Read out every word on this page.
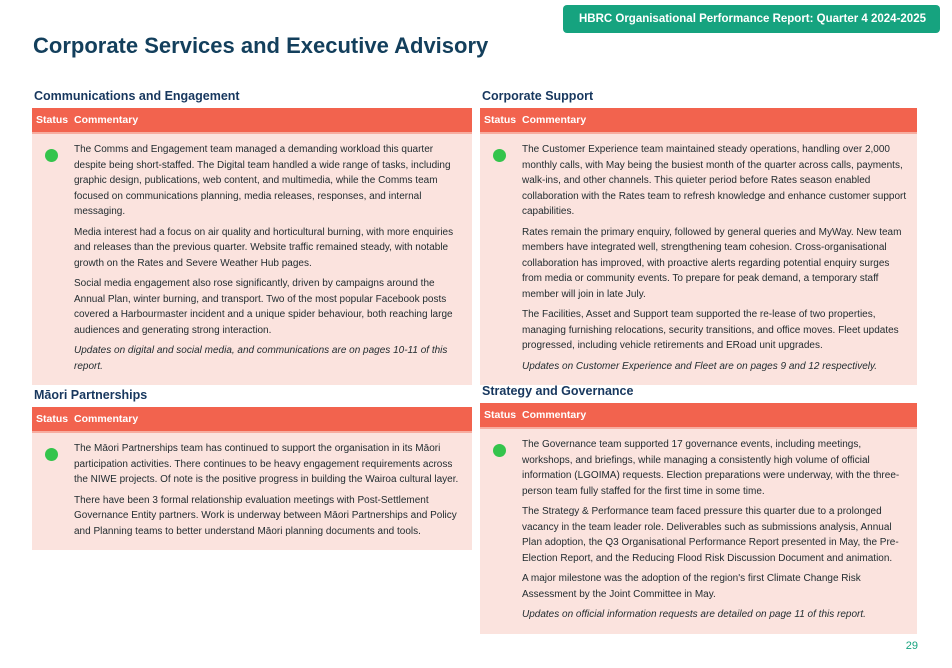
HBRC Organisational Performance Report: Quarter 4 2024-2025
Corporate Services and Executive Advisory
Communications and Engagement
Status Commentary

The Comms and Engagement team managed a demanding workload this quarter despite being short-staffed. The Digital team handled a wide range of tasks, including graphic design, publications, web content, and multimedia, while the Comms team focused on communications planning, media releases, responses, and internal messaging.

Media interest had a focus on air quality and horticultural burning, with more enquiries and releases than the previous quarter. Website traffic remained steady, with notable growth on the Rates and Severe Weather Hub pages.

Social media engagement also rose significantly, driven by campaigns around the Annual Plan, winter burning, and transport. Two of the most popular Facebook posts covered a Harbourmaster incident and a unique spider behaviour, both reaching large audiences and generating strong interaction.

Updates on digital and social media, and communications are on pages 10-11 of this report.

Corporate Support
Status Commentary

The Customer Experience team maintained steady operations, handling over 2,000 monthly calls, with May being the busiest month of the quarter across calls, payments, walk-ins, and other channels. This quieter period before Rates season enabled collaboration with the Rates team to refresh knowledge and enhance customer support capabilities.

Rates remain the primary enquiry, followed by general queries and MyWay. New team members have integrated well, strengthening team cohesion. Cross-organisational collaboration has improved, with proactive alerts regarding potential enquiry surges from media or community events. To prepare for peak demand, a temporary staff member will join in late July.

The Facilities, Asset and Support team supported the re-lease of two properties, managing furnishing relocations, security transitions, and office moves. Fleet updates progressed, including vehicle retirements and ERoad unit upgrades.

Updates on Customer Experience and Fleet are on pages 9 and 12 respectively.

Māori Partnerships
Status Commentary

The Māori Partnerships team has continued to support the organisation in its Māori participation activities. There continues to be heavy engagement requirements across the NIWE projects. Of note is the positive progress in building the Wairoa cultural layer.

There have been 3 formal relationship evaluation meetings with Post-Settlement Governance Entity partners. Work is underway between Māori Partnerships and Policy and Planning teams to better understand Māori planning documents and tools.

Strategy and Governance
Status Commentary

The Governance team supported 17 governance events, including meetings, workshops, and briefings, while managing a consistently high volume of official information (LGOIMA) requests. Election preparations were underway, with the three-person team fully staffed for the first time in some time.

The Strategy & Performance team faced pressure this quarter due to a prolonged vacancy in the team leader role. Deliverables such as submissions analysis, Annual Plan adoption, the Q3 Organisational Performance Report presented in May, the Pre-Election Report, and the Reducing Flood Risk Discussion Document and animation.

A major milestone was the adoption of the region's first Climate Change Risk Assessment by the Joint Committee in May.

Updates on official information requests are detailed on page 11 of this report.

29
